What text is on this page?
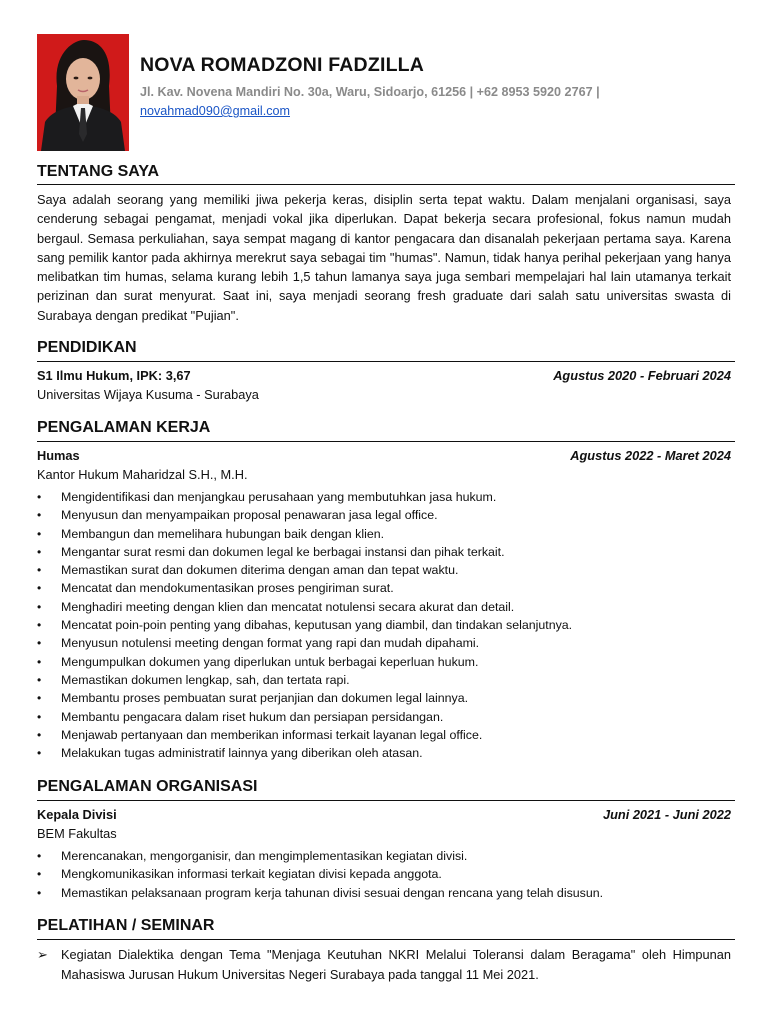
NOVA ROMADZONI FADZILLA
Jl. Kav. Novena Mandiri No. 30a, Waru, Sidoarjo, 61256 | +62 8953 5920 2767 |
novahmad090@gmail.com
TENTANG SAYA
Saya adalah seorang yang memiliki jiwa pekerja keras, disiplin serta tepat waktu. Dalam menjalani organisasi, saya cenderung sebagai pengamat, menjadi vokal jika diperlukan. Dapat bekerja secara profesional, fokus namun mudah bergaul. Semasa perkuliahan, saya sempat magang di kantor pengacara dan disanalah pekerjaan pertama saya. Karena sang pemilik kantor pada akhirnya merekrut saya sebagai tim "humas". Namun, tidak hanya perihal pekerjaan yang hanya melibatkan tim humas, selama kurang lebih 1,5 tahun lamanya saya juga sembari mempelajari hal lain utamanya terkait perizinan dan surat menyurat. Saat ini, saya menjadi seorang fresh graduate dari salah satu universitas swasta di Surabaya dengan predikat "Pujian".
PENDIDIKAN
S1 Ilmu Hukum, IPK: 3,67	Agustus 2020 - Februari 2024
Universitas Wijaya Kusuma - Surabaya
PENGALAMAN KERJA
Humas	Agustus 2022 - Maret 2024
Kantor Hukum Maharidzal S.H., M.H.
• Mengidentifikasi dan menjangkau perusahaan yang membutuhkan jasa hukum.
• Menyusun dan menyampaikan proposal penawaran jasa legal office.
• Membangun dan memelihara hubungan baik dengan klien.
• Mengantar surat resmi dan dokumen legal ke berbagai instansi dan pihak terkait.
• Memastikan surat dan dokumen diterima dengan aman dan tepat waktu.
• Mencatat dan mendokumentasikan proses pengiriman surat.
• Menghadiri meeting dengan klien dan mencatat notulensi secara akurat dan detail.
• Mencatat poin-poin penting yang dibahas, keputusan yang diambil, dan tindakan selanjutnya.
• Menyusun notulensi meeting dengan format yang rapi dan mudah dipahami.
• Mengumpulkan dokumen yang diperlukan untuk berbagai keperluan hukum.
• Memastikan dokumen lengkap, sah, dan tertata rapi.
• Membantu proses pembuatan surat perjanjian dan dokumen legal lainnya.
• Membantu pengacara dalam riset hukum dan persiapan persidangan.
• Menjawab pertanyaan dan memberikan informasi terkait layanan legal office.
• Melakukan tugas administratif lainnya yang diberikan oleh atasan.
PENGALAMAN ORGANISASI
Kepala Divisi	Juni 2021 - Juni 2022
BEM Fakultas
• Merencanakan, mengorganisir, dan mengimplementasikan kegiatan divisi.
• Mengkomunikasikan informasi terkait kegiatan divisi kepada anggota.
• Memastikan pelaksanaan program kerja tahunan divisi sesuai dengan rencana yang telah disusun.
PELATIHAN / SEMINAR
➢ Kegiatan Dialektika dengan Tema "Menjaga Keutuhan NKRI Melalui Toleransi dalam Beragama" oleh Himpunan Mahasiswa Jurusan Hukum Universitas Negeri Surabaya pada tanggal 11 Mei 2021.
